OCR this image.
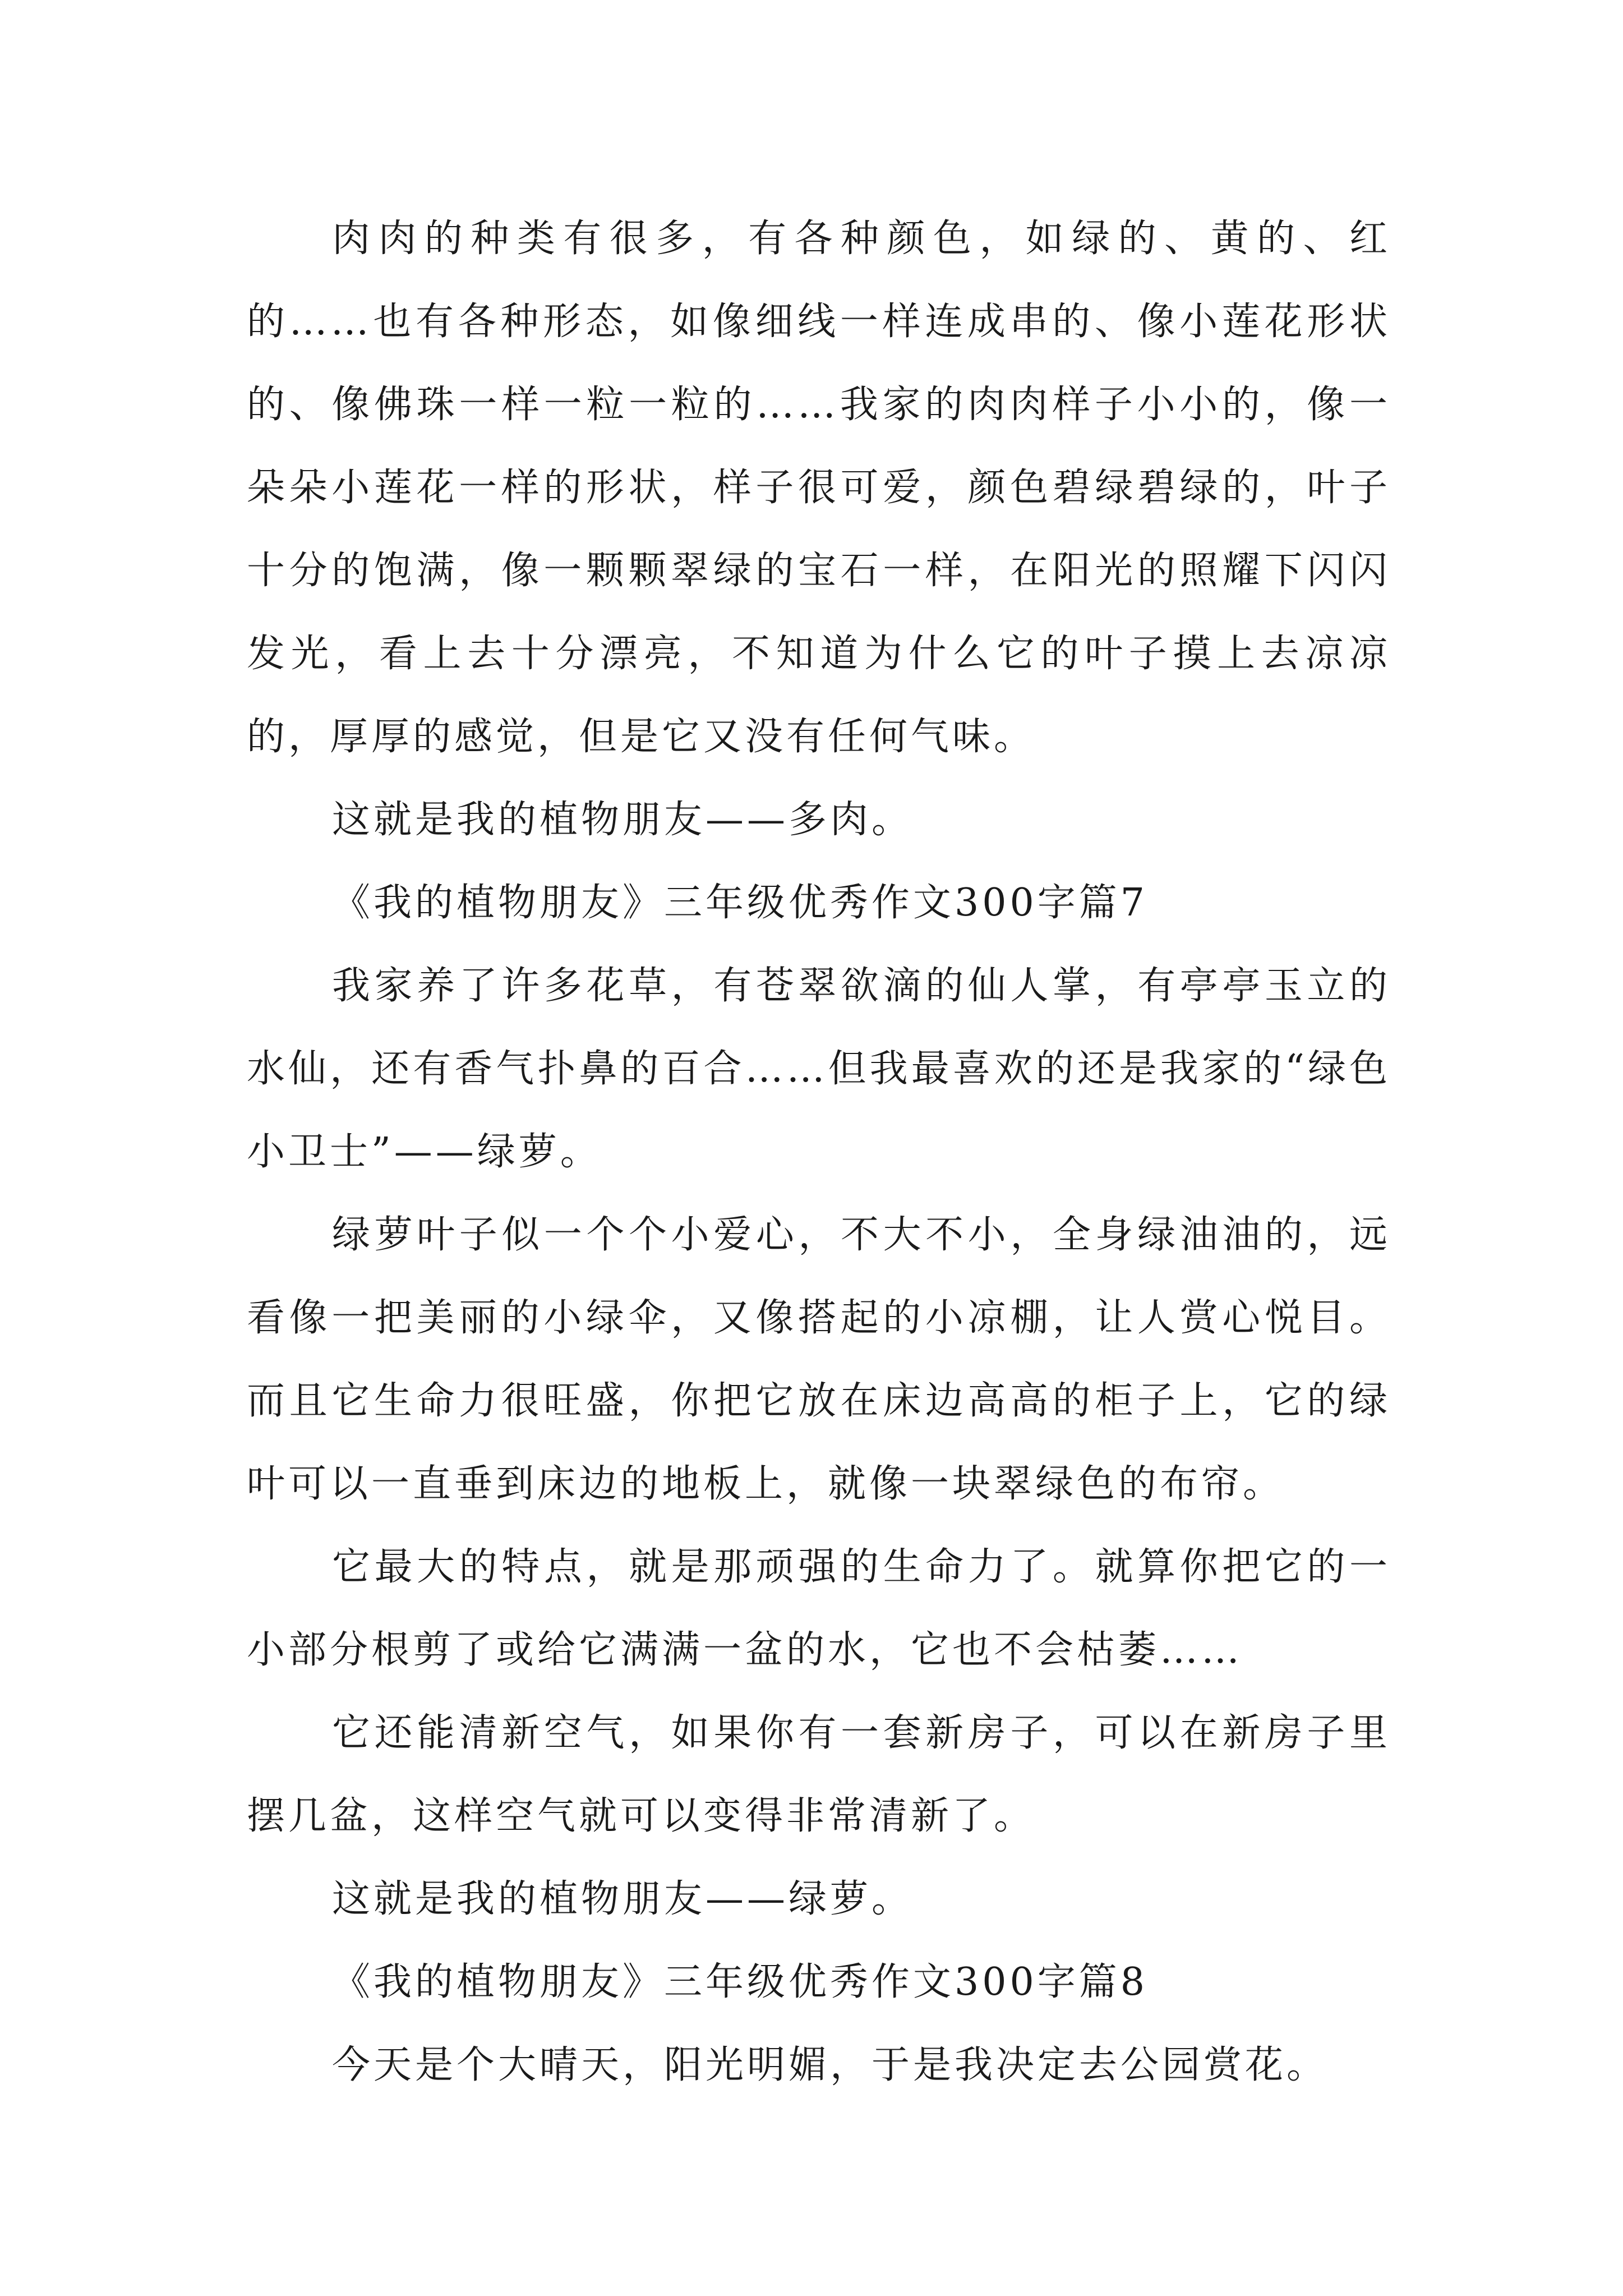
肉肉的种类有很多，有各种颜色，如绿的、黄的、红的……也有各种形态，如像细线一样连成串的、像小莲花形状的、像佛珠一样一粒一粒的……我家的肉肉样子小小的，像一朵朵小莲花一样的形状，样子很可爱，颜色碧绿碧绿的，叶子十分的饱满，像一颗颗翠绿的宝石一样，在阳光的照耀下闪闪发光，看上去十分漂亮，不知道为什么它的叶子摸上去凉凉的，厚厚的感觉，但是它又没有任何气味。

这就是我的植物朋友——多肉。

《我的植物朋友》三年级优秀作文300字篇7

我家养了许多花草，有苍翠欲滴的仙人掌，有亭亭玉立的水仙，还有香气扑鼻的百合……但我最喜欢的还是我家的“绿色小卫士”——绿萝。

绿萝叶子似一个个小爱心，不大不小，全身绿油油的，远看像一把美丽的小绿伞，又像搭起的小凉棚，让人赏心悦目。而且它生命力很旺盛，你把它放在床边高高的柜子上，它的绿叶可以一直垂到床边的地板上，就像一块翠绿色的布帘。

它最大的特点，就是那顽强的生命力了。就算你把它的一小部分根剪了或给它满满一盆的水，它也不会枯萎……

它还能清新空气，如果你有一套新房子，可以在新房子里摆几盆，这样空气就可以变得非常清新了。

这就是我的植物朋友——绿萝。

《我的植物朋友》三年级优秀作文300字篇8

今天是个大晴天，阳光明媚，于是我决定去公园赏花。
